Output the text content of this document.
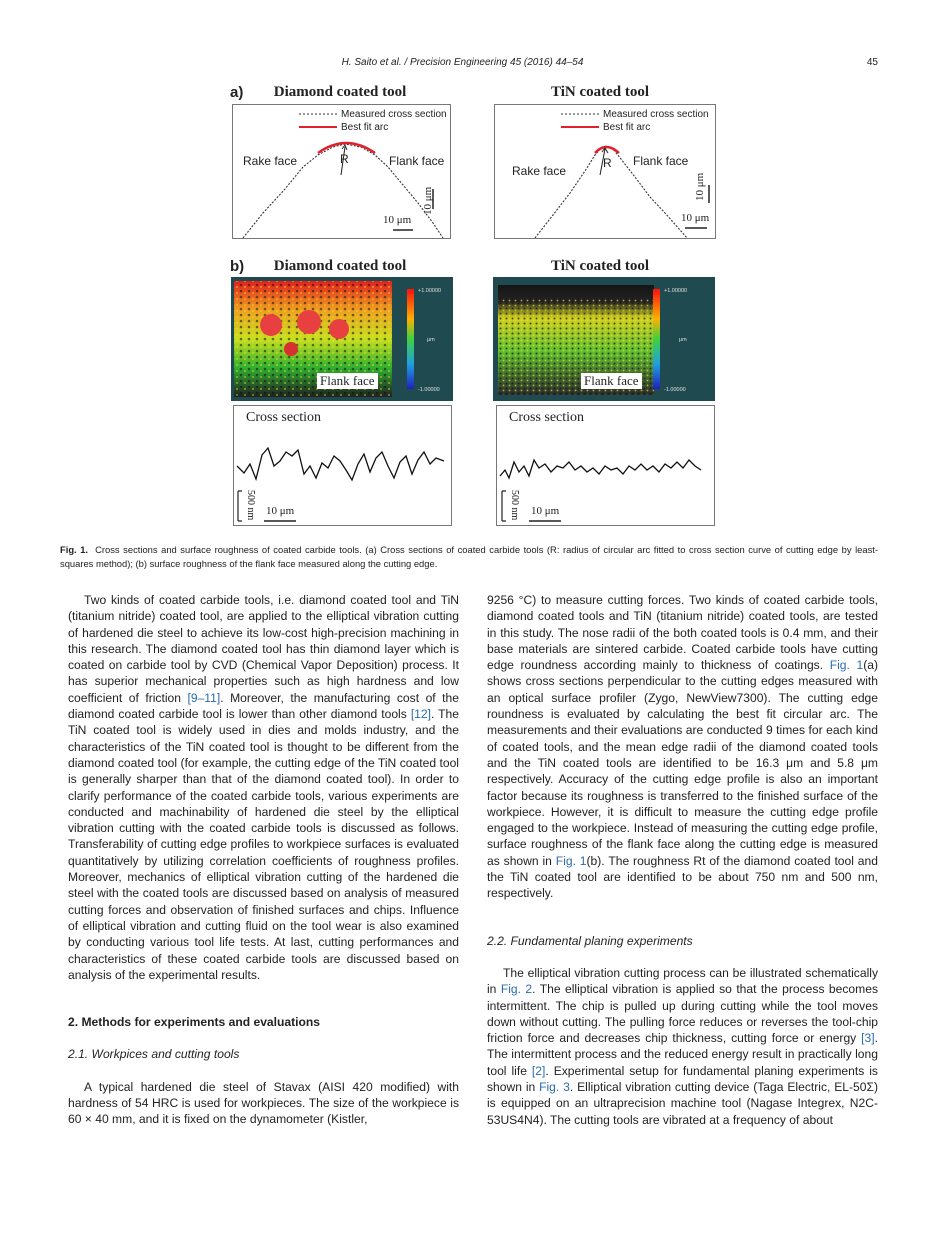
H. Saito et al. / Precision Engineering 45 (2016) 44–54	45
a)	Diamond coated tool	TiN coated tool
Measured cross section
Best fit arc
R
Rake face	Flank face
10 μm
10 μm
Measured cross section
Best fit arc
R
Rake face
Flank face
10 μm
10 μm
b)	Diamond coated tool	TiN coated tool
+1.00000
μm
-1.00000
Flank face
+1.00000
μm
-1.00000
Flank face
Cross section
500 nm 10 μm
Cross section
500 nm 10 μm
Fig. 1. Cross sections and surface roughness of coated carbide tools. (a) Cross sections of coated carbide tools (R: radius of circular arc fitted to cross section curve of cutting edge by least-squares method); (b) surface roughness of the flank face measured along the cutting edge.

Two kinds of coated carbide tools, i.e. diamond coated tool and TiN (titanium nitride) coated tool, are applied to the elliptical vibration cutting of hardened die steel to achieve its low-cost high-precision machining in this research. The diamond coated tool has thin diamond layer which is coated on carbide tool by CVD (Chemical Vapor Deposition) process. It has superior mechanical properties such as high hardness and low coefficient of friction [9–11]. Moreover, the manufacturing cost of the diamond coated carbide tool is lower than other diamond tools [12]. The TiN coated tool is widely used in dies and molds industry, and the characteristics of the TiN coated tool is thought to be different from the diamond coated tool (for example, the cutting edge of the TiN coated tool is generally sharper than that of the diamond coated tool). In order to clarify performance of the coated carbide tools, various experiments are conducted and machinability of hardened die steel by the elliptical vibration cutting with the coated carbide tools is discussed as follows. Transferability of cutting edge profiles to workpiece surfaces is evaluated quantitatively by utilizing correlation coefficients of roughness profiles. Moreover, mechanics of elliptical vibration cutting of the hardened die steel with the coated tools are discussed based on analysis of measured cutting forces and observation of finished surfaces and chips. Influence of elliptical vibration and cutting fluid on the tool wear is also examined by conducting various tool life tests. At last, cutting performances and characteristics of these coated carbide tools are discussed based on analysis of the experimental results.

2. Methods for experiments and evaluations

2.1. Workpices and cutting tools

A typical hardened die steel of Stavax (AISI 420 modified) with hardness of 54 HRC is used for workpieces. The size of the workpiece is 60 × 40 mm, and it is fixed on the dynamometer (Kistler,

9256 °C) to measure cutting forces. Two kinds of coated carbide tools, diamond coated tools and TiN (titanium nitride) coated tools, are tested in this study. The nose radii of the both coated tools is 0.4 mm, and their base materials are sintered carbide. Coated carbide tools have cutting edge roundness according mainly to thickness of coatings. Fig. 1(a) shows cross sections perpendicular to the cutting edges measured with an optical surface profiler (Zygo, NewView7300). The cutting edge roundness is evaluated by calculating the best fit circular arc. The measurements and their evaluations are conducted 9 times for each kind of coated tools, and the mean edge radii of the diamond coated tools and the TiN coated tools are identified to be 16.3 μm and 5.8 μm respectively. Accuracy of the cutting edge profile is also an important factor because its roughness is transferred to the finished surface of the workpiece. However, it is difficult to measure the cutting edge profile engaged to the workpiece. Instead of measuring the cutting edge profile, surface roughness of the flank face along the cutting edge is measured as shown in Fig. 1(b). The roughness Rt of the diamond coated tool and the TiN coated tool are identified to be about 750 nm and 500 nm, respectively.

2.2. Fundamental planing experiments

The elliptical vibration cutting process can be illustrated schematically in Fig. 2. The elliptical vibration is applied so that the process becomes intermittent. The chip is pulled up during cutting while the tool moves down without cutting. The pulling force reduces or reverses the tool-chip friction force and decreases chip thickness, cutting force or energy [3]. The intermittent process and the reduced energy result in practically long tool life [2]. Experimental setup for fundamental planing experiments is shown in Fig. 3. Elliptical vibration cutting device (Taga Electric, EL-50Σ) is equipped on an ultraprecision machine tool (Nagase Integrex, N2C-53US4N4). The cutting tools are vibrated at a frequency of about
